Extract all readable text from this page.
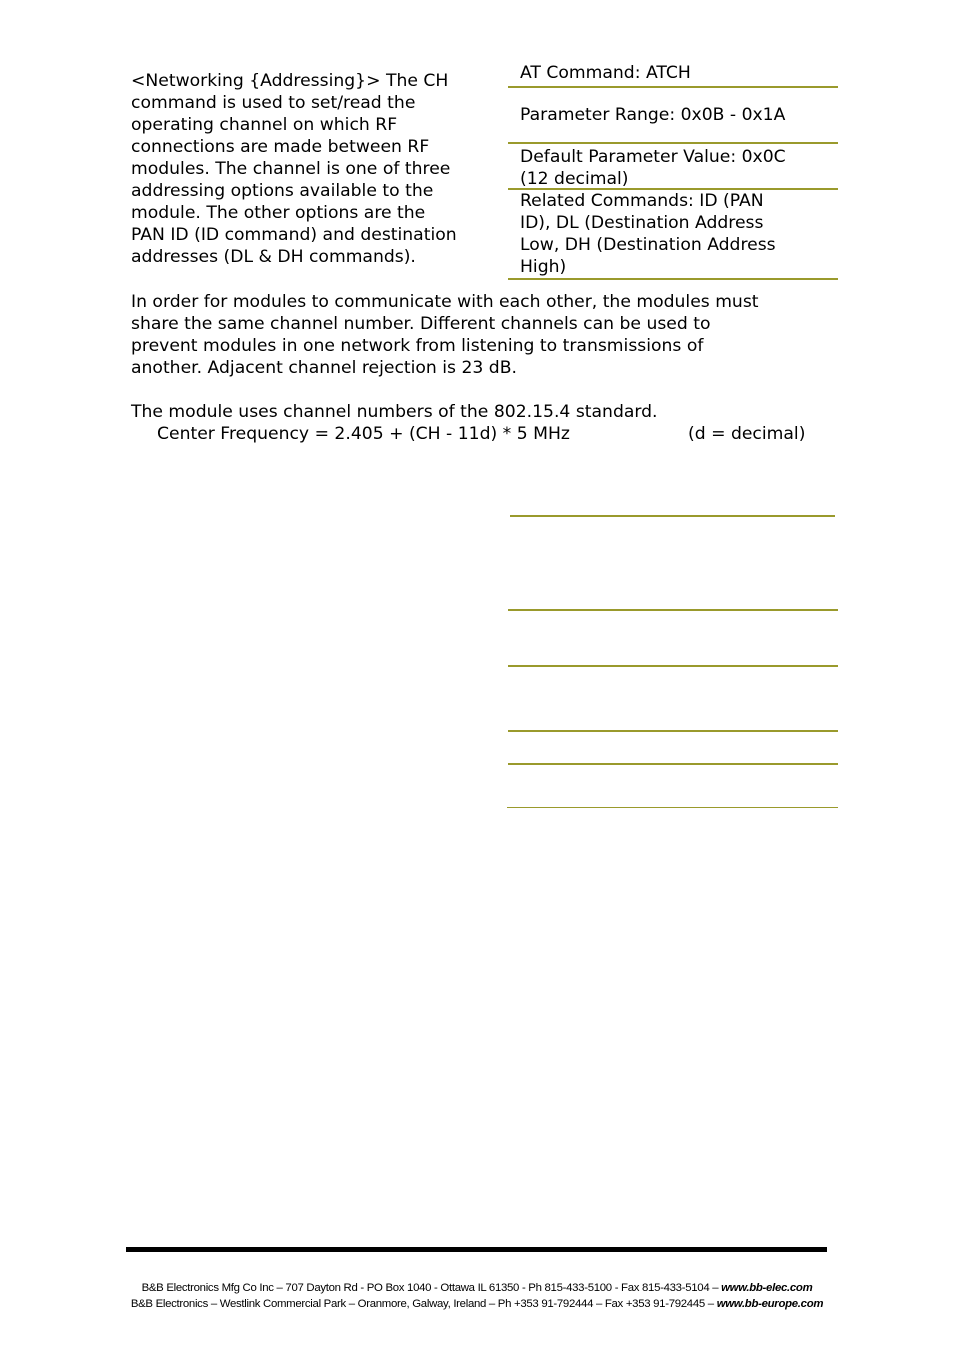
<Networking {Addressing}> The CH
command is used to set/read the
operating channel on which RF
connections are made between RF
modules. The channel is one of three
addressing options available to the
module. The other options are the
PAN ID (ID command) and destination
addresses (DL & DH commands).
AT Command: ATCH
Parameter Range: 0x0B - 0x1A
Default Parameter Value: 0x0C
(12 decimal)
Related Commands: ID (PAN
ID), DL (Destination Address
Low, DH (Destination Address
High)
In order for modules to communicate with each other, the modules must
share the same channel number. Different channels can be used to
prevent modules in one network from listening to transmissions of
another. Adjacent channel rejection is 23 dB.
The module uses channel numbers of the 802.15.4 standard.
Center Frequency = 2.405 + (CH - 11d) * 5 MHz	(d = decimal)
B&B Electronics Mfg Co Inc – 707 Dayton Rd - PO Box 1040 - Ottawa IL 61350 - Ph 815-433-5100 - Fax 815-433-5104 – www.bb-elec.com
B&B Electronics – Westlink Commercial Park – Oranmore, Galway, Ireland – Ph +353 91-792444 – Fax +353 91-792445 – www.bb-europe.com
